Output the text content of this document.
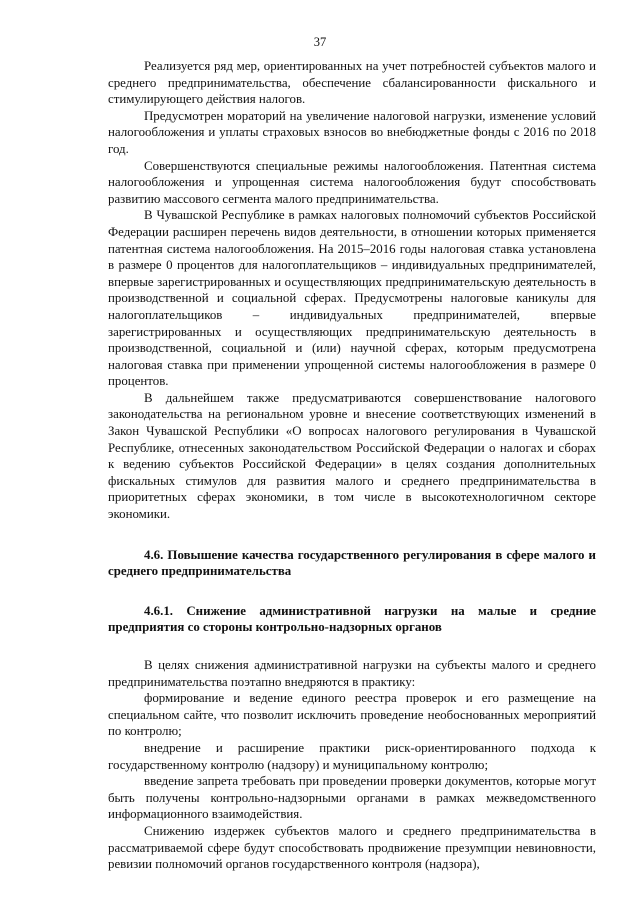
37

Реализуется ряд мер, ориентированных на учет потребностей субъектов малого и среднего предпринимательства, обеспечение сбалансированности фискального и стимулирующего действия налогов.

Предусмотрен мораторий на увеличение налоговой нагрузки, изменение условий налогообложения и уплаты страховых взносов во внебюджетные фонды с 2016 по 2018 год.

Совершенствуются специальные режимы налогообложения. Патентная система налогообложения и упрощенная система налогообложения будут способствовать развитию массового сегмента малого предпринимательства.

В Чувашской Республике в рамках налоговых полномочий субъектов Российской Федерации расширен перечень видов деятельности, в отношении которых применяется патентная система налогообложения. На 2015–2016 годы налоговая ставка установлена в размере 0 процентов для налогоплательщиков – индивидуальных предпринимателей, впервые зарегистрированных и осуществляющих предпринимательскую деятельность в производственной и социальной сферах. Предусмотрены налоговые каникулы для налогоплательщиков – индивидуальных предпринимателей, впервые зарегистрированных и осуществляющих предпринимательскую деятельность в производственной, социальной и (или) научной сферах, которым предусмотрена налоговая ставка при применении упрощенной системы налогообложения в размере 0 процентов.

В дальнейшем также предусматриваются совершенствование налогового законодательства на региональном уровне и внесение соответствующих изменений в Закон Чувашской Республики «О вопросах налогового регулирования в Чувашской Республике, отнесенных законодательством Российской Федерации о налогах и сборах к ведению субъектов Российской Федерации» в целях создания дополнительных фискальных стимулов для развития малого и среднего предпринимательства в приоритетных сферах экономики, в том числе в высокотехнологичном секторе экономики.

4.6. Повышение качества государственного регулирования в сфере малого и среднего предпринимательства

4.6.1. Снижение административной нагрузки на малые и средние предприятия со стороны контрольно-надзорных органов

В целях снижения административной нагрузки на субъекты малого и среднего предпринимательства поэтапно внедряются в практику:

формирование и ведение единого реестра проверок и его размещение на специальном сайте, что позволит исключить проведение необоснованных мероприятий по контролю;

внедрение и расширение практики риск-ориентированного подхода к государственному контролю (надзору) и муниципальному контролю;

введение запрета требовать при проведении проверки документов, которые могут быть получены контрольно-надзорными органами в рамках межведомственного информационного взаимодействия.

Снижению издержек субъектов малого и среднего предпринимательства в рассматриваемой сфере будут способствовать продвижение презумпции невиновности, ревизии полномочий органов государственного контроля (надзора),
